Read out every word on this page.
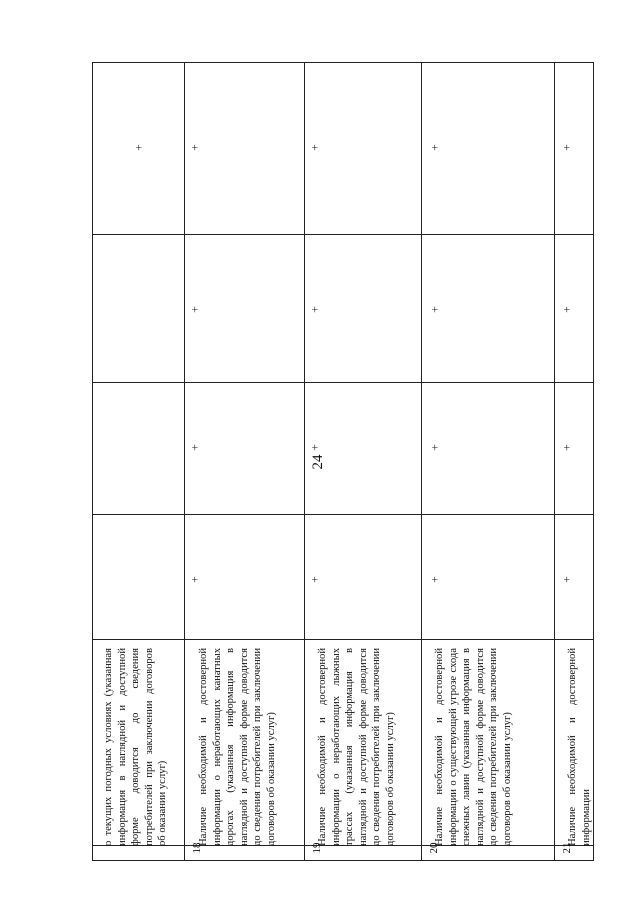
24
о текущих погодных условиях (указанная информация в наглядной и доступной форме доводится до сведения потребителей при заключении договоров об оказании услуг)
+
18
Наличие необходимой и достоверной информации о неработающих канатных дорогах (указанная информация в наглядной и доступной форме доводится до сведения потребителей при заключении договоров об оказании услуг)
+
+
+
+
19
Наличие необходимой и достоверной информации о неработающих лыжных трассах (указанная информация в наглядной и доступной форме доводится до сведения потребителей при заключении договоров об оказании услуг)
+
+
+
+
20
Наличие необходимой и достоверной информации о существующей угрозе схода снежных лавин (указанная информация в наглядной и доступной форме доводится до сведения потребителей при заключении договоров об оказании услуг)
+
+
+
+
21
Наличие необходимой и достоверной информации
+
+
+
+
